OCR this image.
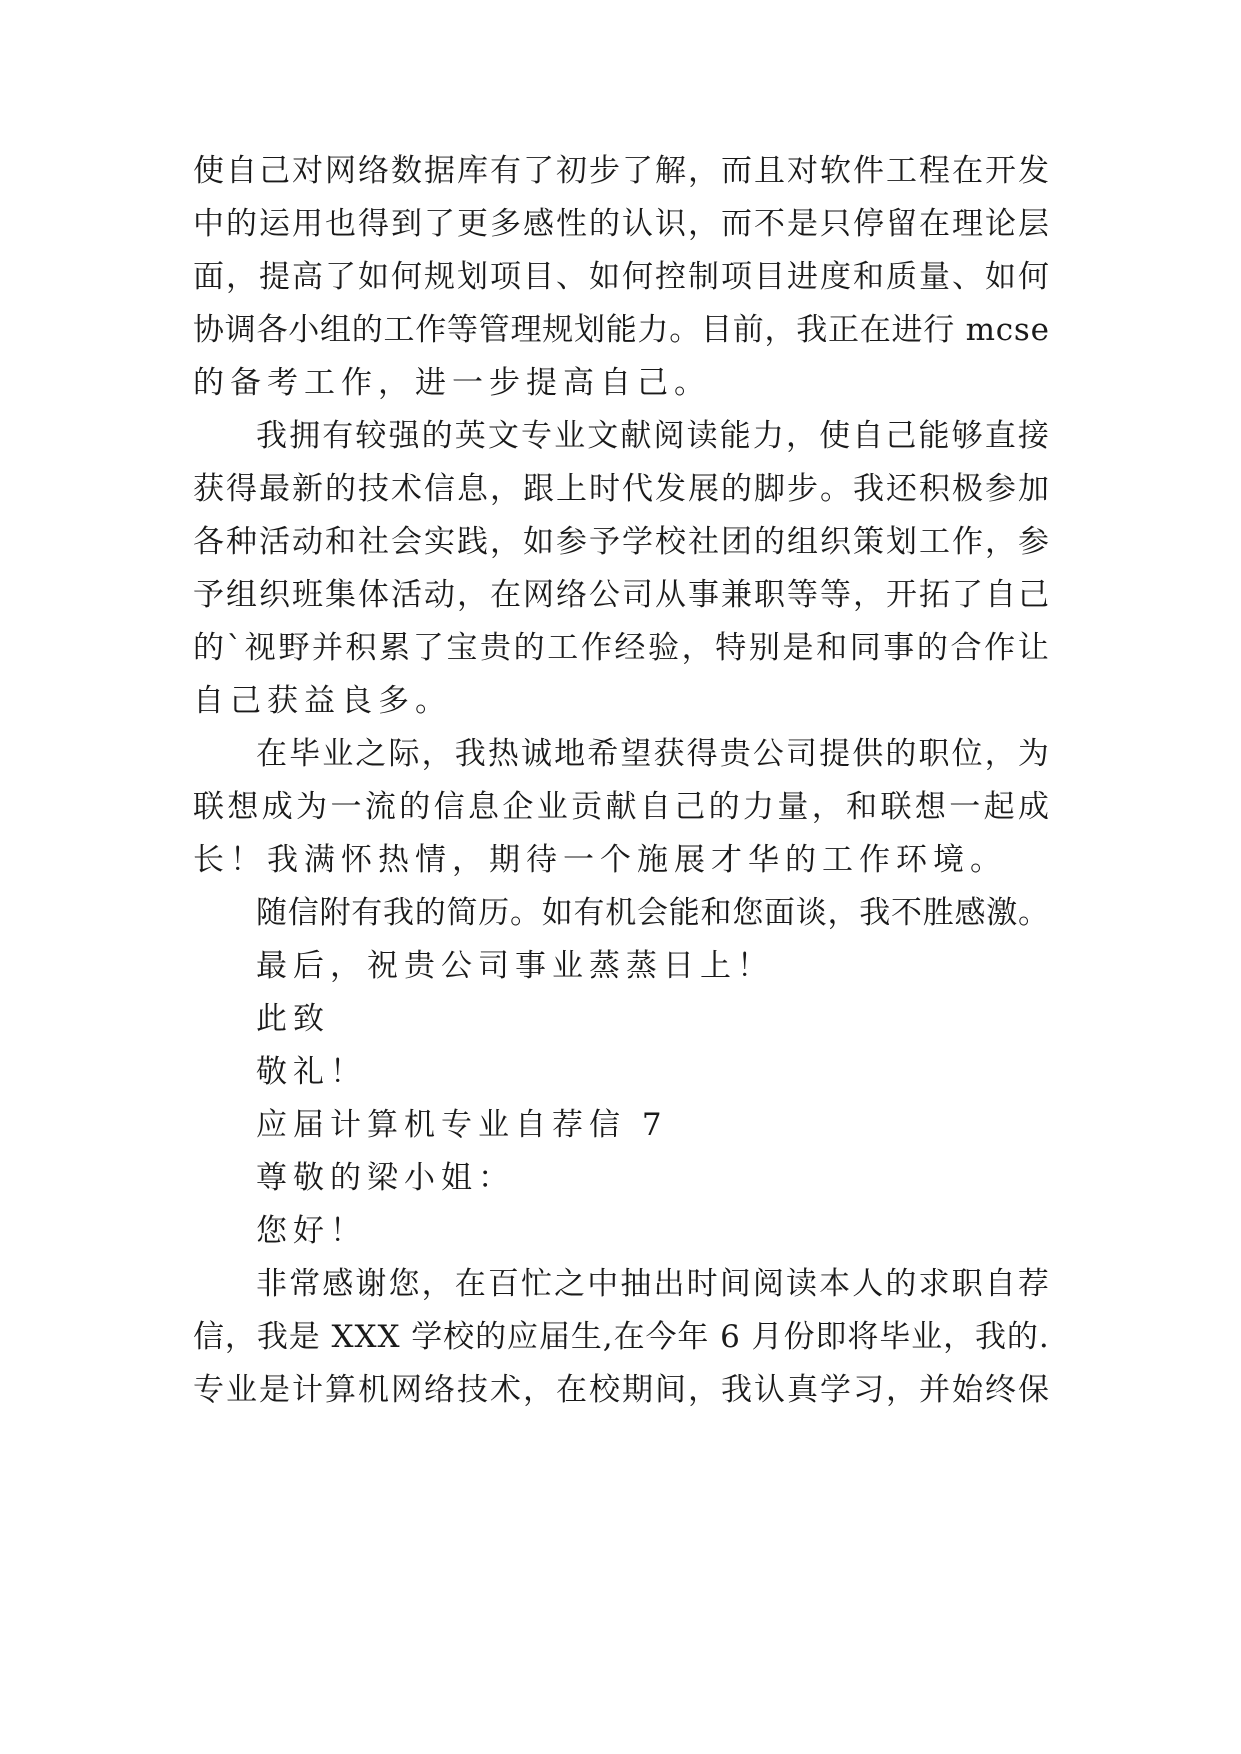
使 自 己 对 网 络 数 据 库 有 了 初 步 了 解 ， 而 且 对 软 件 工 程 在 开 发

中 的 运 用 也 得 到 了 更 多 感 性 的 认 识 ， 而 不 是 只 停 留 在 理 论 层

面 ， 提 高 了 如 何 规 划 项 目 、 如 何 控 制 项 目 进 度 和 质 量 、 如 何

协 调 各 小 组 的 工 作 等 管 理 规 划 能 力 。 目 前 ， 我 正 在 进 行
m c s e

的备考工作，进一步提高自己。

我 拥 有 较 强 的 英 文 专 业 文 献 阅 读 能 力 ， 使 自 己 能 够 直 接

获 得 最 新 的 技 术 信 息 ， 跟 上 时 代 发 展 的 脚 步 。 我 还 积 极 参 加

各 种 活 动 和 社 会 实 践 ， 如 参 予 学 校 社 团 的 组 织 策 划 工 作 ， 参

予 组 织 班 集 体 活 动 ， 在 网 络 公 司 从 事 兼 职 等 等 ， 开 拓 了 自 己

的 ` 视 野 并 积 累 了 宝 贵 的 工 作 经 验 ， 特 别 是 和 同 事 的 合 作 让

自己获益良多。

在 毕 业 之 际 ， 我 热 诚 地 希 望 获 得 贵 公 司 提 供 的 职 位 ， 为

联 想 成 为 一 流 的 信 息 企 业 贡 献 自 己 的 力 量 ， 和 联 想 一 起 成

长！我满怀热情，期待一个施展才华的工作环境。

随 信 附 有 我 的 简 历 。 如 有 机 会 能 和 您 面 谈 ， 我 不 胜 感 激 。

最后，祝贵公司事业蒸蒸日上！

此致

敬礼！

应届计算机专业自荐信 7

尊敬的梁小姐：

您好！

非 常 感 谢 您 ， 在 百 忙 之 中 抽 出 时 间 阅 读 本 人 的 求 职 自 荐

信 ， 我 是
X X X
学 校 的 应 届 生 , 在 今 年
6
月 份 即 将 毕 业 ， 我 的 .

专 业 是 计 算 机 网 络 技 术 ， 在 校 期 间 ， 我 认 真 学 习 ， 并 始 终 保
